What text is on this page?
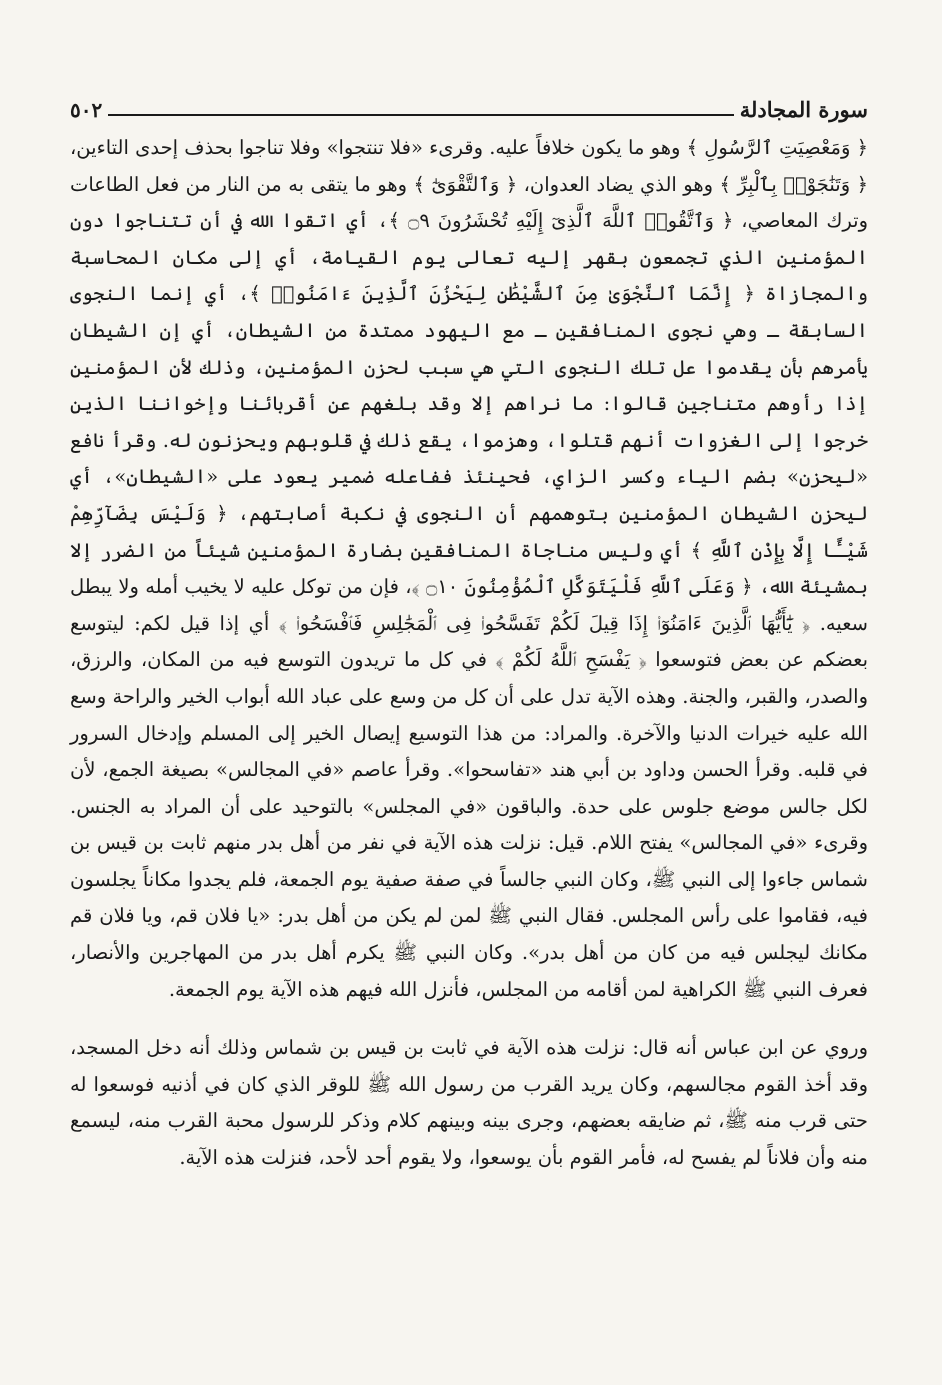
سورة المجادلة
٥٠٢

﴿ وَمَعْصِيَتِ ٱلرَّسُولِ ﴾ وهو ما يكون خلافاً عليه. وقرىء «فلا تنتجوا» وفلا تناجوا بحذف إحدى التاءين، ﴿ وَتَنَٰجَوْا۟ بِٱلْبِرِّ ﴾ وهو الذي يضاد العدوان، ﴿ وَٱلتَّقْوَىٰٓ ﴾ وهو ما يتقى به من النار من فعل الطاعات وترك المعاصي، ﴿ وَٱتَّقُوا۟ ٱللَّهَ ٱلَّذِىٓ إِلَيْهِ تُحْشَرُونَ ۝٩ ﴾، أي اتقوا الله في أن تتناجوا دون المؤمنين الذي تجمعون بقهر إليه تعالى يوم القيامة، أي إلى مكان المحاسبة والمجازاة ﴿ إِنَّمَا ٱلنَّجْوَىٰ مِنَ ٱلشَّيْطَٰنِ لِيَحْزُنَ ٱلَّذِينَ ءَامَنُوا۟ ﴾، أي إنما النجوى السابقة ـ وهي نجوى المنافقين ـ مع اليهود ممتدة من الشيطان، أي إن الشيطان يأمرهم بأن يقدموا عل تلك النجوى التي هي سبب لحزن المؤمنين، وذلك لأن المؤمنين إذا رأوهم متناجين قالوا: ما نراهم إلا وقد بلغهم عن أقربائنا وإخواننا الذين خرجوا إلى الغزوات أنهم قتلوا، وهزموا، يقع ذلك في قلوبهم ويحزنون له. وقرأ نافع «ليحزن» بضم الياء وكسر الزاي، فحينئذ ففاعله ضمير يعود على «الشيطان»، أي ليحزن الشيطان المؤمنين بتوهمهم أن النجوى في نكبة أصابتهم، ﴿ وَلَيْسَ بِضَآرِّهِمْ شَيْـًٔا إِلَّا بِإِذْنِ ٱللَّهِ ﴾ أي وليس مناجاة المنافقين بضارة المؤمنين شيئاً من الضرر إلا بمشيئة الله، ﴿ وَعَلَى ٱللَّهِ فَلْيَتَوَكَّلِ ٱلْمُؤْمِنُونَ ۝١٠ ﴾، فإن من توكل عليه لا يخيب أمله ولا يبطل سعيه. ﴿ يَٰٓأَيُّهَا ٱلَّذِينَ ءَامَنُوٓا۟ إِذَا قِيلَ لَكُمْ تَفَسَّحُوا۟ فِى ٱلْمَجَٰلِسِ فَٱفْسَحُوا۟ ﴾ أي إذا قيل لكم: ليتوسع بعضكم عن بعض فتوسعوا ﴿ يَفْسَحِ ٱللَّهُ لَكُمْ ﴾ في كل ما تريدون التوسع فيه من المكان، والرزق، والصدر، والقبر، والجنة. وهذه الآية تدل على أن كل من وسع على عباد الله أبواب الخير والراحة وسع الله عليه خيرات الدنيا والآخرة. والمراد: من هذا التوسيع إيصال الخير إلى المسلم وإدخال السرور في قلبه. وقرأ الحسن وداود بن أبي هند «تفاسحوا». وقرأ عاصم «في المجالس» بصيغة الجمع، لأن لكل جالس موضع جلوس على حدة. والباقون «في المجلس» بالتوحيد على أن المراد به الجنس. وقرىء «في المجالس» يفتح اللام. قيل: نزلت هذه الآية في نفر من أهل بدر منهم ثابت بن قيس بن شماس جاءوا إلى النبي ﷺ، وكان النبي جالساً في صفة صفية يوم الجمعة، فلم يجدوا مكاناً يجلسون فيه، فقاموا على رأس المجلس. فقال النبي ﷺ لمن لم يكن من أهل بدر: «يا فلان قم، ويا فلان قم مكانك ليجلس فيه من كان من أهل بدر». وكان النبي ﷺ يكرم أهل بدر من المهاجرين والأنصار، فعرف النبي ﷺ الكراهية لمن أقامه من المجلس، فأنزل الله فيهم هذه الآية يوم الجمعة.

وروي عن ابن عباس أنه قال: نزلت هذه الآية في ثابت بن قيس بن شماس وذلك أنه دخل المسجد، وقد أخذ القوم مجالسهم، وكان يريد القرب من رسول الله ﷺ للوقر الذي كان في أذنيه فوسعوا له حتى قرب منه ﷺ، ثم ضايقه بعضهم، وجرى بينه وبينهم كلام وذكر للرسول محبة القرب منه، ليسمع منه وأن فلاناً لم يفسح له، فأمر القوم بأن يوسعوا، ولا يقوم أحد لأحد، فنزلت هذه الآية.
